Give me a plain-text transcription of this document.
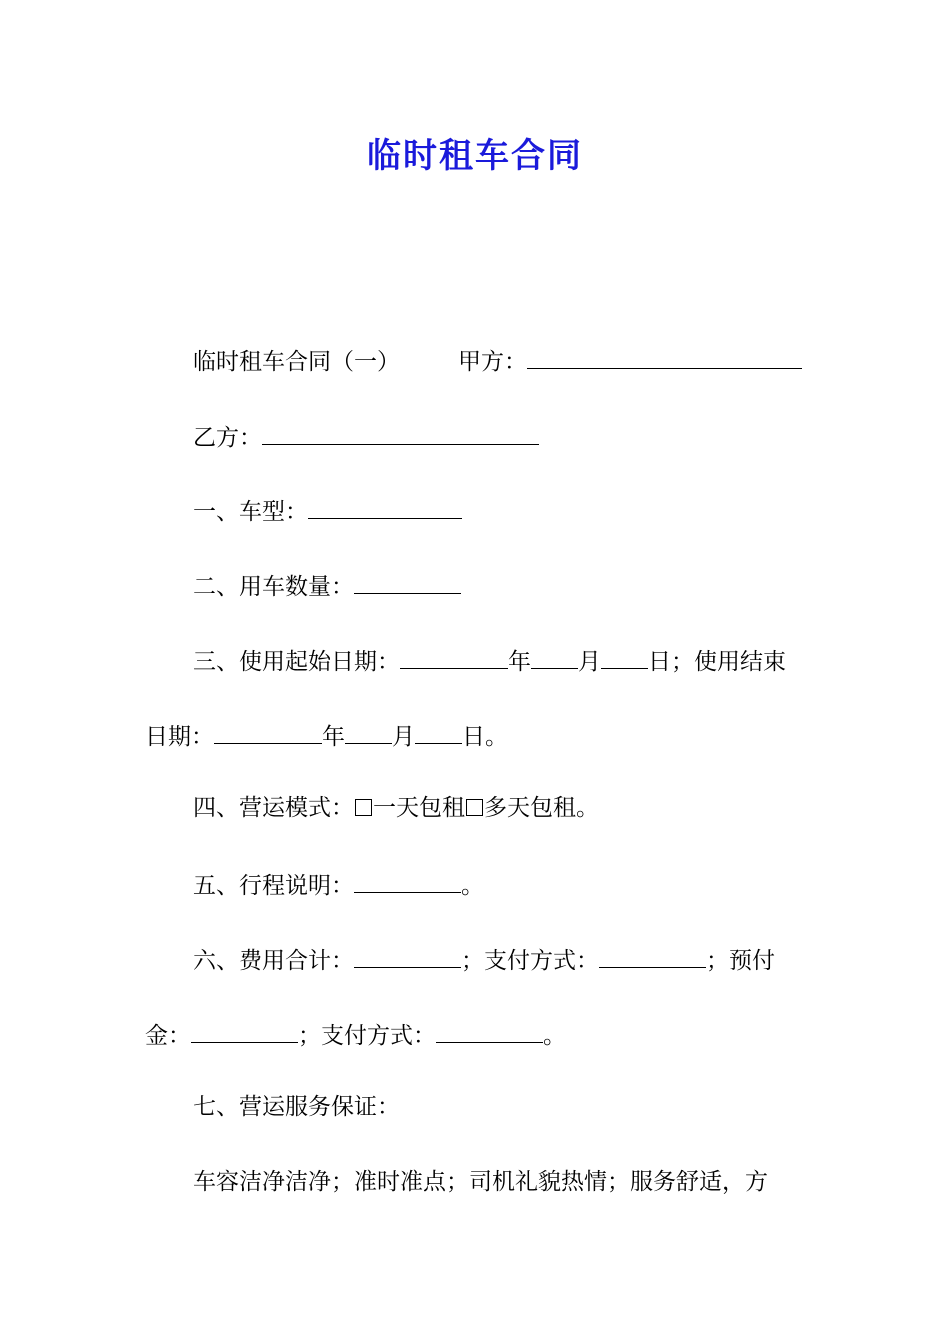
临时租车合同
临时租车合同（一）	甲方：
乙方：
一、车型：
二、用车数量：
三、使用起始日期：	年 月 日；使用结束
日期：	年 月 日。
四、营运模式： 一天包租 多天包租。
五、行程说明：	。
六、费用合计：	；支付方式：	；预付
金：	；支付方式：	。
七、营运服务保证：
车容洁净洁净；准时准点；司机礼貌热情；服务舒适，方
